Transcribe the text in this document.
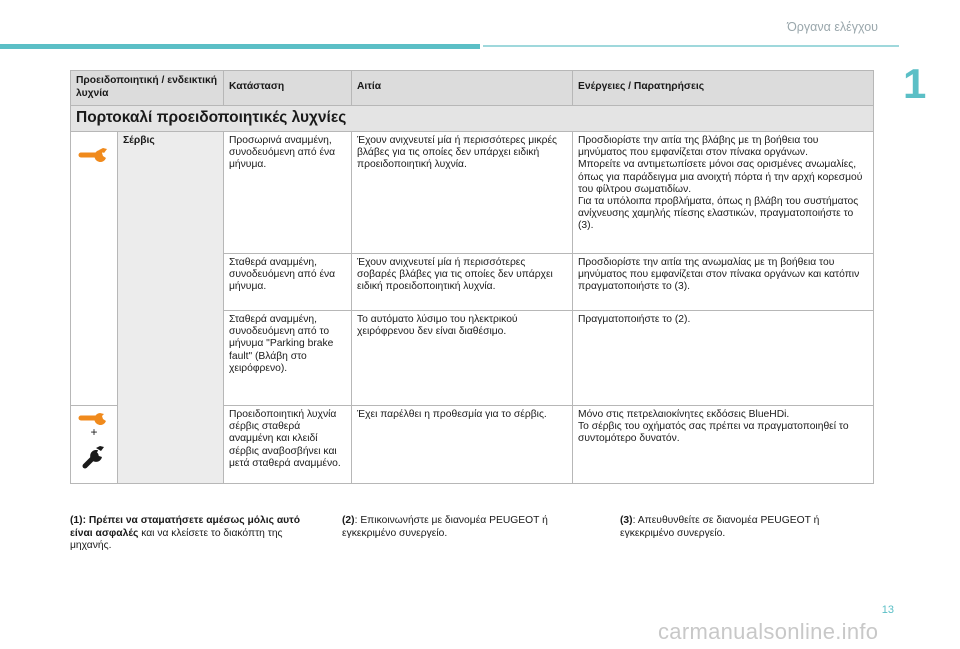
Όργανα ελέγχου
1
Προειδοποιητική / ενδεικτική λυχνία		Κατάσταση	Αιτία	Ενέργειες / Παρατηρήσεις
Πορτοκαλί προειδοποιητικές λυχνίες				

	Σέρβις	Προσωρινά αναμμένη, συνοδευόμενη από ένα μήνυμα.	Έχουν ανιχνευτεί μία ή περισσότερες μικρές βλάβες για τις οποίες δεν υπάρχει ειδική προειδοποιητική λυχνία.	Προσδιορίστε την αιτία της βλάβης με τη βοήθεια του μηνύματος που εμφανίζεται στον πίνακα οργάνων.
Μπορείτε να αντιμετωπίσετε μόνοι σας ορισμένες ανωμαλίες, όπως για παράδειγμα μια ανοιχτή πόρτα ή την αρχή κορεσμού του φίλτρου σωματιδίων.
Για τα υπόλοιπα προβλήματα, όπως η βλάβη του συστήματος ανίχνευσης χαμηλής πίεσης ελαστικών, πραγματοποιήστε το (3).
		Σταθερά αναμμένη, συνοδευόμενη από ένα μήνυμα.	Έχουν ανιχνευτεί μία ή περισσότερες σοβαρές βλάβες για τις οποίες δεν υπάρχει ειδική προειδοποιητική λυχνία.	Προσδιορίστε την αιτία της ανωμαλίας με τη βοήθεια του μηνύματος που εμφανίζεται στον πίνακα οργάνων και κατόπιν πραγματοποιήστε το (3).
		Σταθερά αναμμένη, συνοδευόμενη από το μήνυμα "Parking brake fault" (Βλάβη στο χειρόφρενο).	Το αυτόματο λύσιμο του ηλεκτρικού χειρόφρενου δεν είναι διαθέσιμο.	Πραγματοποιήστε το (2).

+		Προειδοποιητική λυχνία σέρβις σταθερά αναμμένη και κλειδί σέρβις αναβοσβήνει και μετά σταθερά αναμμένο.	Έχει παρέλθει η προθεσμία για το σέρβις.	Μόνο στις πετρελαιοκίνητες εκδόσεις BlueHDi.
Το σέρβις του οχήματός σας πρέπει να πραγματοποιηθεί το συντομότερο δυνατόν.
(1): Πρέπει να σταματήσετε αμέσως μόλις αυτό είναι ασφαλές και να κλείσετε το διακόπτη της μηχανής.
(2): Επικοινωνήστε με διανομέα PEUGEOT ή εγκεκριμένο συνεργείο.
(3): Απευθυνθείτε σε διανομέα PEUGEOT ή εγκεκριμένο συνεργείο.
13
carmanualsonline.info
